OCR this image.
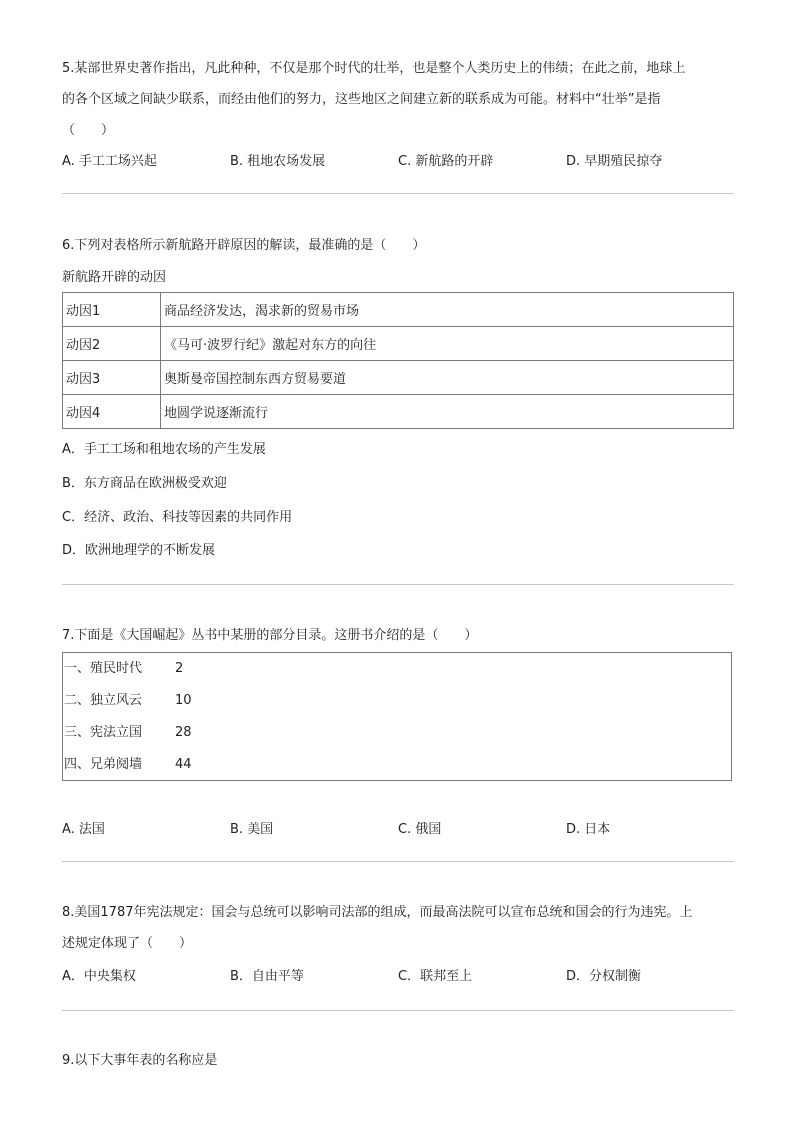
5.某部世界史著作指出，凡此种种，不仅是那个时代的壮举，也是整个人类历史上的伟绩；在此之前，地球上
的各个区域之间缺少联系，而经由他们的努力，这些地区之间建立新的联系成为可能。材料中“壮举”是指
（　　）
A. 手工工场兴起	B. 租地农场发展	C. 新航路的开辟	D. 早期殖民掠夺
6.下列对表格所示新航路开辟原因的解读，最准确的是（　　）
新航路开辟的动因
动因1	商品经济发达，渴求新的贸易市场
动因2	《马可·波罗行纪》激起对东方的向往
动因3	奥斯曼帝国控制东西方贸易要道
动因4	地圆学说逐渐流行
A．手工工场和租地农场的产生发展
B．东方商品在欧洲极受欢迎
C．经济、政治、科技等因素的共同作用
D．欧洲地理学的不断发展
7.下面是《大国崛起》丛书中某册的部分目录。这册书介绍的是（　　）
一、殖民时代	2
二、独立风云	10
三、宪法立国	28
四、兄弟阋墙	44
A. 法国	B. 美国	C. 俄国	D. 日本
8.美国1787年宪法规定：国会与总统可以影响司法部的组成，而最高法院可以宣布总统和国会的行为违宪。上
述规定体现了（　　）
A．中央集权	B．自由平等	C．联邦至上	D．分权制衡
9.以下大事年表的名称应是
